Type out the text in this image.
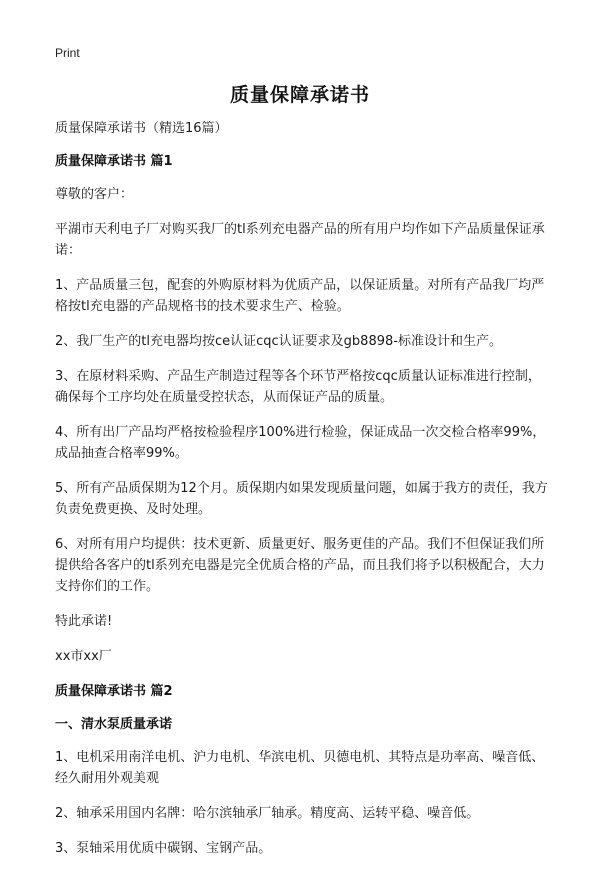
Print
质量保障承诺书

质量保障承诺书（精选16篇）

质量保障承诺书 篇1

尊敬的客户：

平湖市天利电子厂对购买我厂的tl系列充电器产品的所有用户均作如下产品质量保证承诺：

1、产品质量三包，配套的外购原材料为优质产品，以保证质量。对所有产品我厂均严格按tl充电器的产品规格书的技术要求生产、检验。

2、我厂生产的tl充电器均按ce认证cqc认证要求及gb8898-标准设计和生产。

3、在原材料采购、产品生产制造过程等各个环节严格按cqc质量认证标准进行控制，确保每个工序均处在质量受控状态，从而保证产品的质量。

4、所有出厂产品均严格按检验程序100%进行检验，保证成品一次交检合格率99%，成品抽查合格率99%。

5、所有产品质保期为12个月。质保期内如果发现质量问题，如属于我方的责任，我方负责免费更换、及时处理。

6、对所有用户均提供：技术更新、质量更好、服务更佳的产品。我们不但保证我们所提供给各客户的tl系列充电器是完全优质合格的产品，而且我们将予以积极配合，大力支持你们的工作。

特此承诺!

xx市xx厂

质量保障承诺书 篇2

一、清水泵质量承诺

1、电机采用南洋电机、沪力电机、华滨电机、贝德电机、其特点是功率高、噪音低、经久耐用外观美观

2、轴承采用国内名牌：哈尔滨轴承厂轴承。精度高、运转平稳、噪音低。

3、泵轴采用优质中碳钢、宝钢产品。
